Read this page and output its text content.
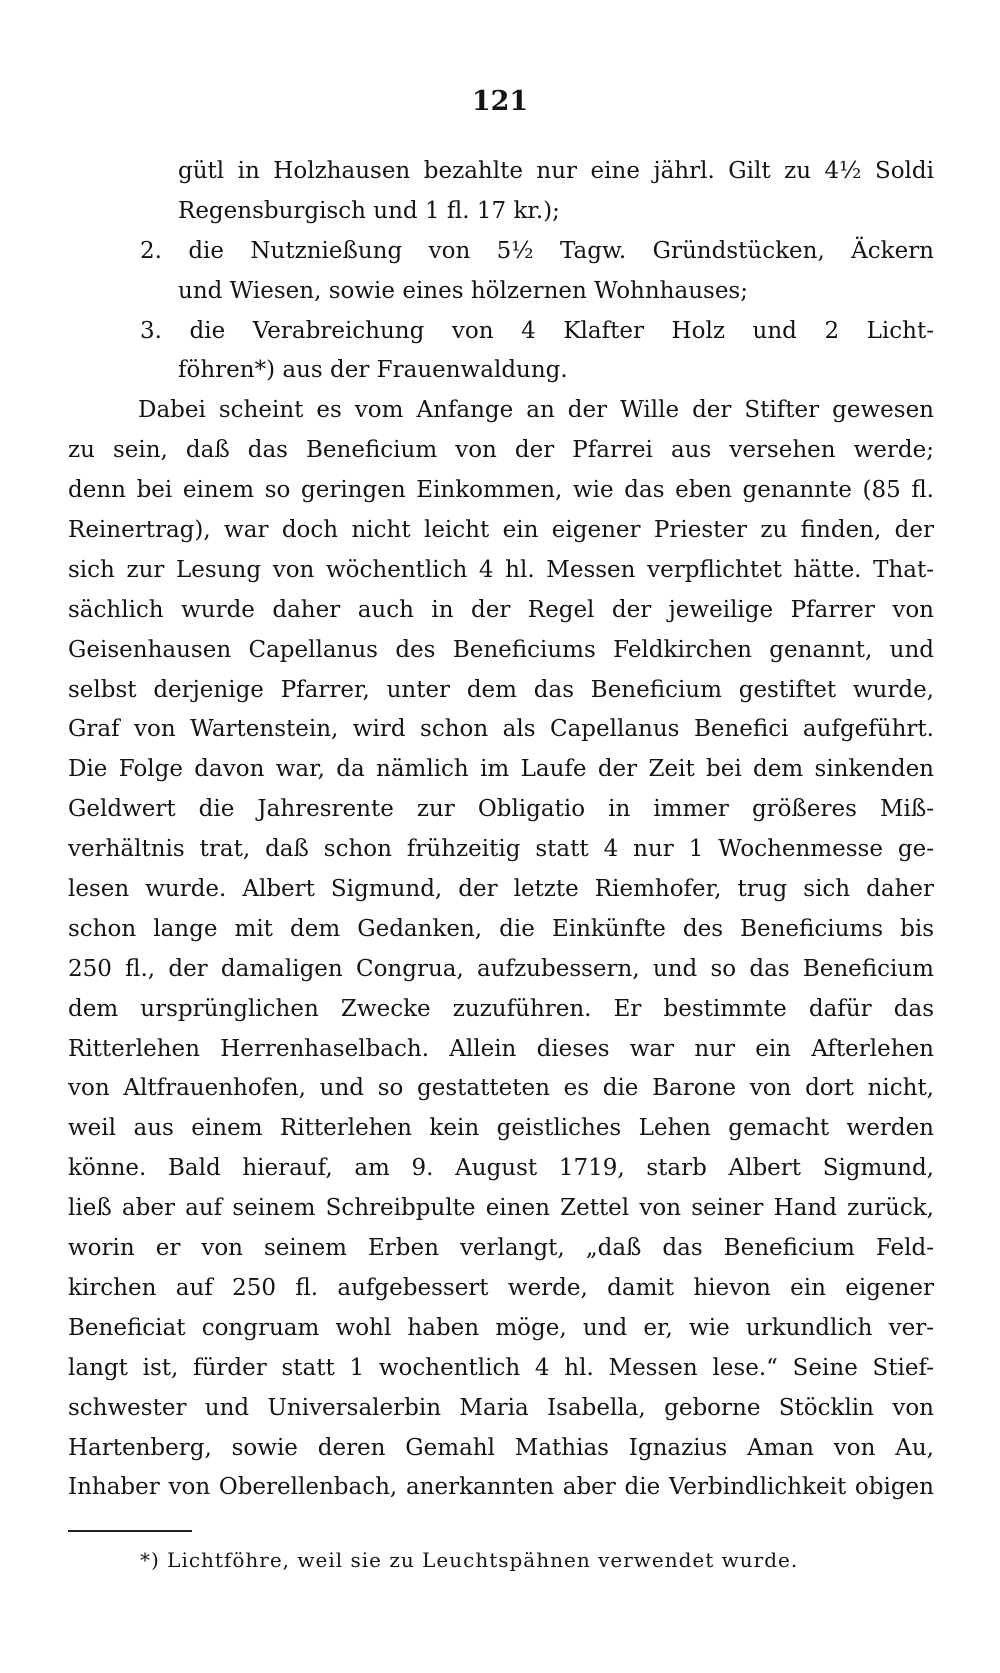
121
gütl in Holzhausen bezahlte nur eine jährl. Gilt zu 4½ Soldi
Regensburgisch und 1 fl. 17 kr.);
2. die Nutznießung von 5½ Tagw. Gründstücken, Äckern
und Wiesen, sowie eines hölzernen Wohnhauses;
3. die Verabreichung von 4 Klafter Holz und 2 Licht-
föhren*) aus der Frauenwaldung.
Dabei scheint es vom Anfange an der Wille der Stifter gewesen
zu sein, daß das Beneficium von der Pfarrei aus versehen werde;
denn bei einem so geringen Einkommen, wie das eben genannte (85 fl.
Reinertrag), war doch nicht leicht ein eigener Priester zu finden, der
sich zur Lesung von wöchentlich 4 hl. Messen verpflichtet hätte. That-
sächlich wurde daher auch in der Regel der jeweilige Pfarrer von
Geisenhausen Capellanus des Beneficiums Feldkirchen genannt, und
selbst derjenige Pfarrer, unter dem das Beneficium gestiftet wurde,
Graf von Wartenstein, wird schon als Capellanus Benefici aufgeführt.
Die Folge davon war, da nämlich im Laufe der Zeit bei dem sinkenden
Geldwert die Jahresrente zur Obligatio in immer größeres Miß-
verhältnis trat, daß schon frühzeitig statt 4 nur 1 Wochenmesse ge-
lesen wurde. Albert Sigmund, der letzte Riemhofer, trug sich daher
schon lange mit dem Gedanken, die Einkünfte des Beneficiums bis
250 fl., der damaligen Congrua, aufzubessern, und so das Beneficium
dem ursprünglichen Zwecke zuzuführen. Er bestimmte dafür das
Ritterlehen Herrenhaselbach. Allein dieses war nur ein Afterlehen
von Altfrauenhofen, und so gestatteten es die Barone von dort nicht,
weil aus einem Ritterlehen kein geistliches Lehen gemacht werden
könne. Bald hierauf, am 9. August 1719, starb Albert Sigmund,
ließ aber auf seinem Schreibpulte einen Zettel von seiner Hand zurück,
worin er von seinem Erben verlangt, „daß das Beneficium Feld-
kirchen auf 250 fl. aufgebessert werde, damit hievon ein eigener
Beneficiat congruam wohl haben möge, und er, wie urkundlich ver-
langt ist, fürder statt 1 wochentlich 4 hl. Messen lese.“ Seine Stief-
schwester und Universalerbin Maria Isabella, geborne Stöcklin von
Hartenberg, sowie deren Gemahl Mathias Ignazius Aman von Au,
Inhaber von Oberellenbach, anerkannten aber die Verbindlichkeit obigen
*) Lichtföhre, weil sie zu Leuchtspähnen verwendet wurde.
